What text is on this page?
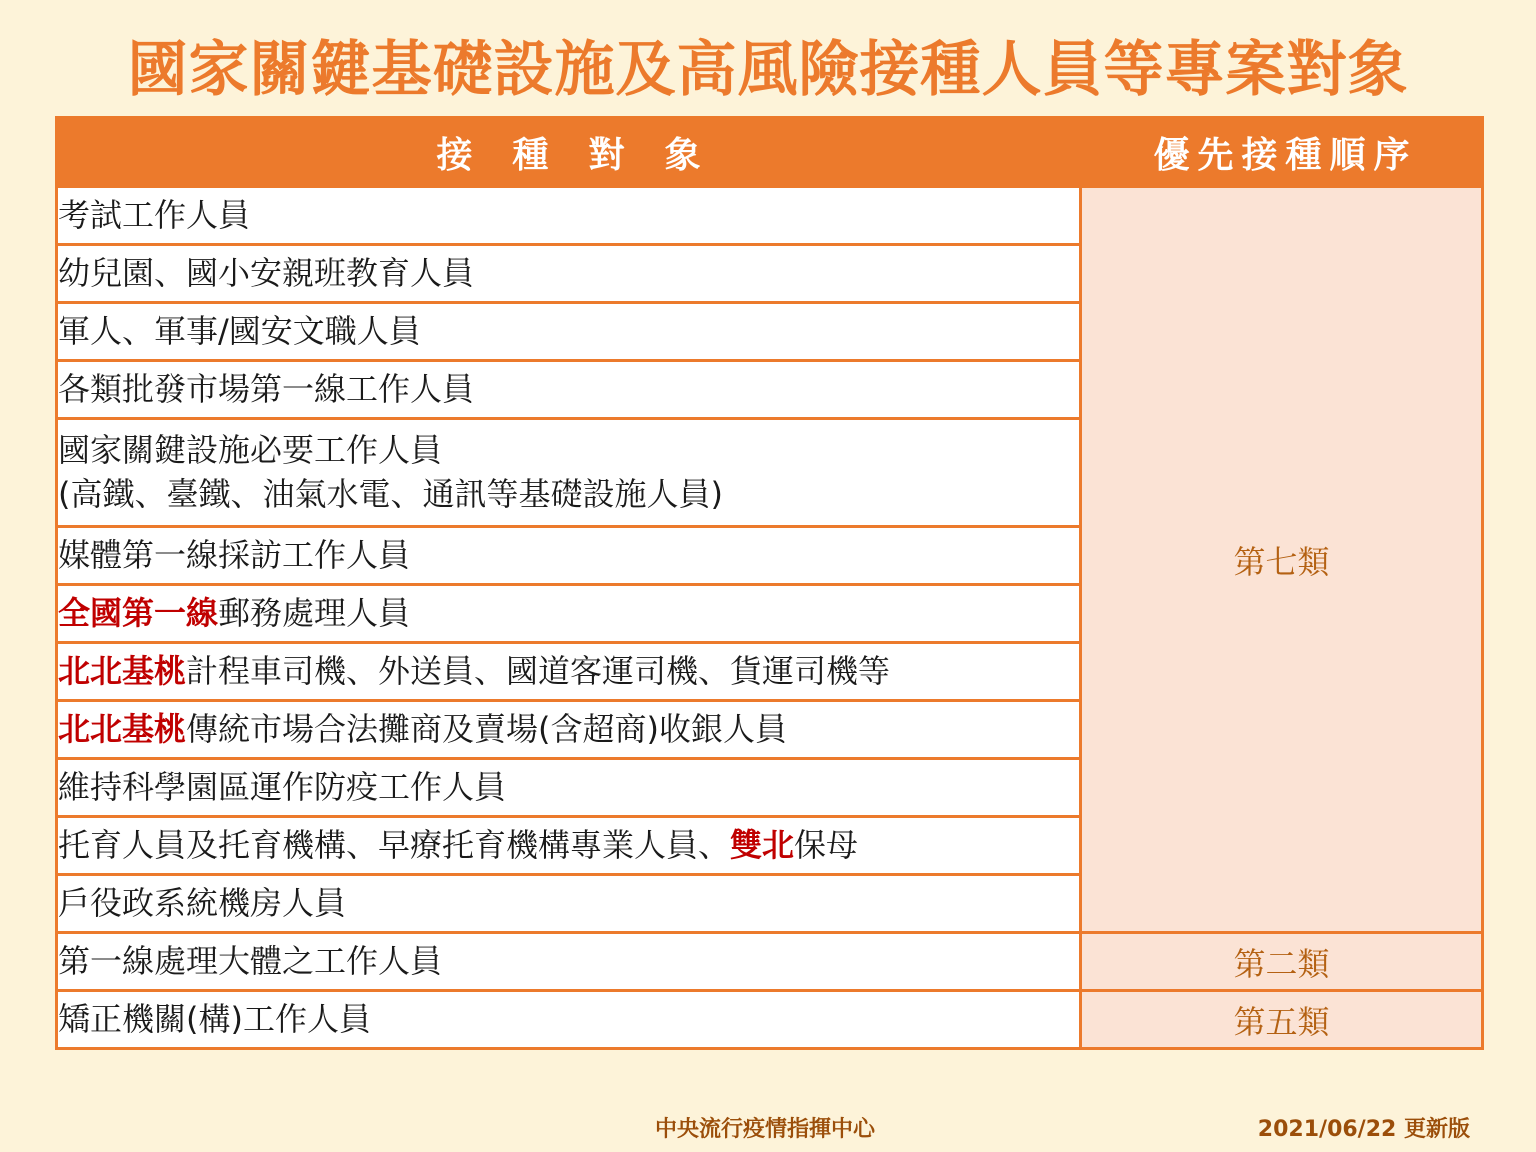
國家關鍵基礎設施及高風險接種人員等專案對象
接種對象	優先接種順序
考試工作人員	第七類
幼兒園、國小安親班教育人員	
軍人、軍事/國安文職人員	
各類批發市場第一線工作人員	
國家關鍵設施必要工作人員
(高鐵、臺鐵、油氣水電、通訊等基礎設施人員)	
媒體第一線採訪工作人員	
全國第一線郵務處理人員	
北北基桃計程車司機、外送員、國道客運司機、貨運司機等	
北北基桃傳統市場合法攤商及賣場(含超商)收銀人員	
維持科學園區運作防疫工作人員	
托育人員及托育機構、早療托育機構專業人員、雙北保母	
戶役政系統機房人員	
第一線處理大體之工作人員	第二類
矯正機關(構)工作人員	第五類
中央流行疫情指揮中心	2021/06/22 更新版
